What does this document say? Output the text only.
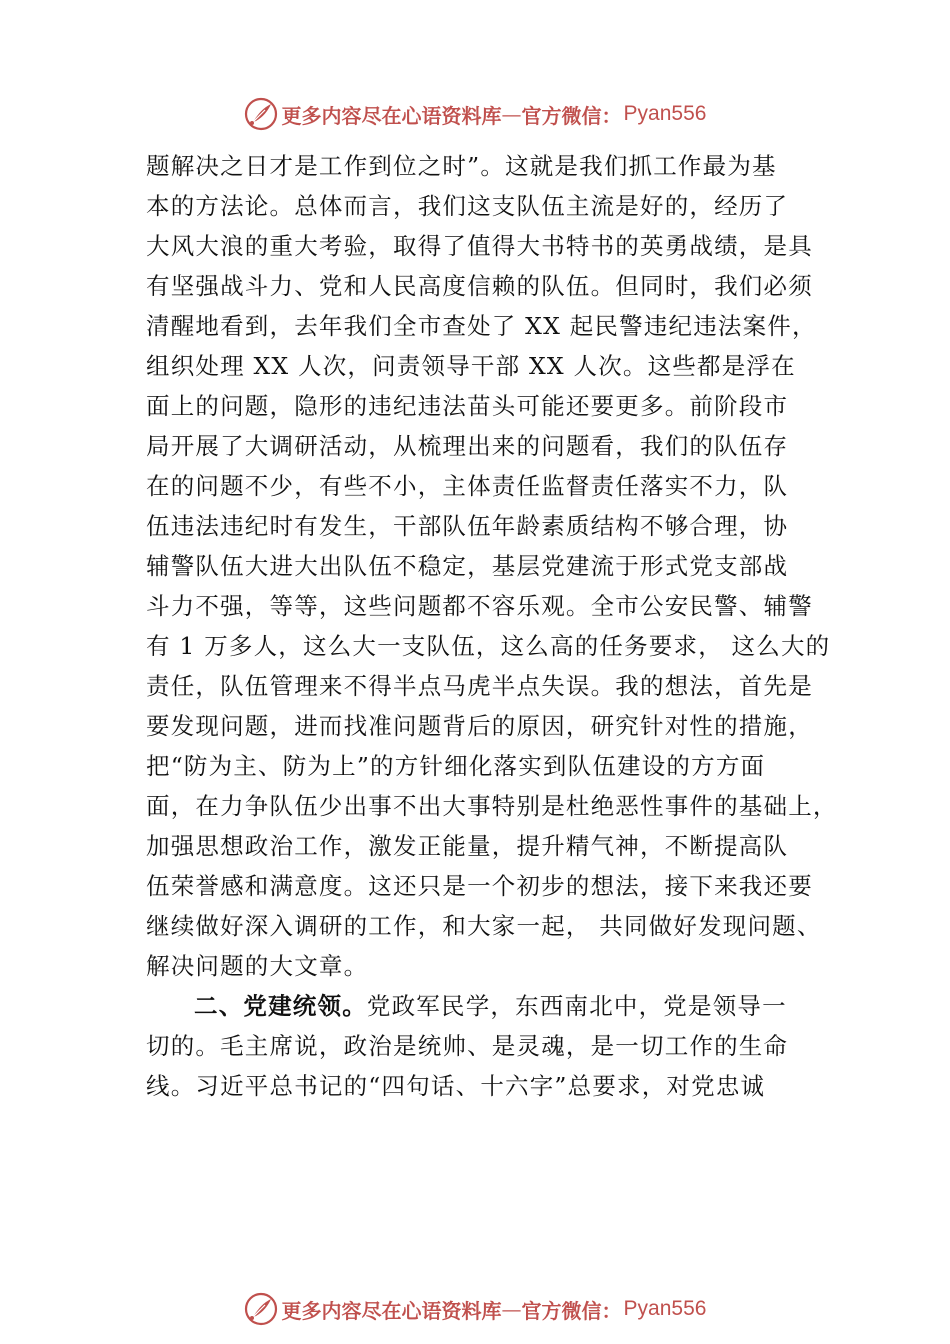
更多内容尽在心语资料库 — 官方微信： Pyan556
题解决之日才是工作到位之时”。这就是我们抓工作最为基
本的方法论。总体而言，我们这支队伍主流是好的，经历了
大风大浪的重大考验，取得了值得大书特书的英勇战绩，是具
有坚强战斗力、党和人民高度信赖的队伍。但同时，我们必须
清醒地看到，去年我们全市查处了 XX 起民警违纪违法案件，
组织处理 XX 人次，问责领导干部 XX 人次。这些都是浮在
面上的问题，隐形的违纪违法苗头可能还要更多。前阶段市
局开展了大调研活动，从梳理出来的问题看，我们的队伍存
在的问题不少，有些不小，主体责任监督责任落实不力，队
伍违法违纪时有发生，干部队伍年龄素质结构不够合理，协
辅警队伍大进大出队伍不稳定，基层党建流于形式党支部战
斗力不强，等等，这些问题都不容乐观。全市公安民警、辅警
有 1 万多人，这么大一支队伍，这么高的任务要求， 这么大的
责任，队伍管理来不得半点马虎半点失误。我的想法，首先是
要发现问题，进而找准问题背后的原因，研究针对性的措施，
把“防为主、防为上”的方针细化落实到队伍建设的方方面
面，在力争队伍少出事不出大事特别是杜绝恶性事件的基础上，
加强思想政治工作，激发正能量，提升精气神，不断提高队
伍荣誉感和满意度。这还只是一个初步的想法，接下来我还要
继续做好深入调研的工作，和大家一起， 共同做好发现问题、
解决问题的大文章。
二、党建统领。党政军民学，东西南北中，党是领导一
切的。毛主席说，政治是统帅、是灵魂，是一切工作的生命
线。习近平总书记的“四句话、十六字”总要求，对党忠诚
更多内容尽在心语资料库 — 官方微信： Pyan556
